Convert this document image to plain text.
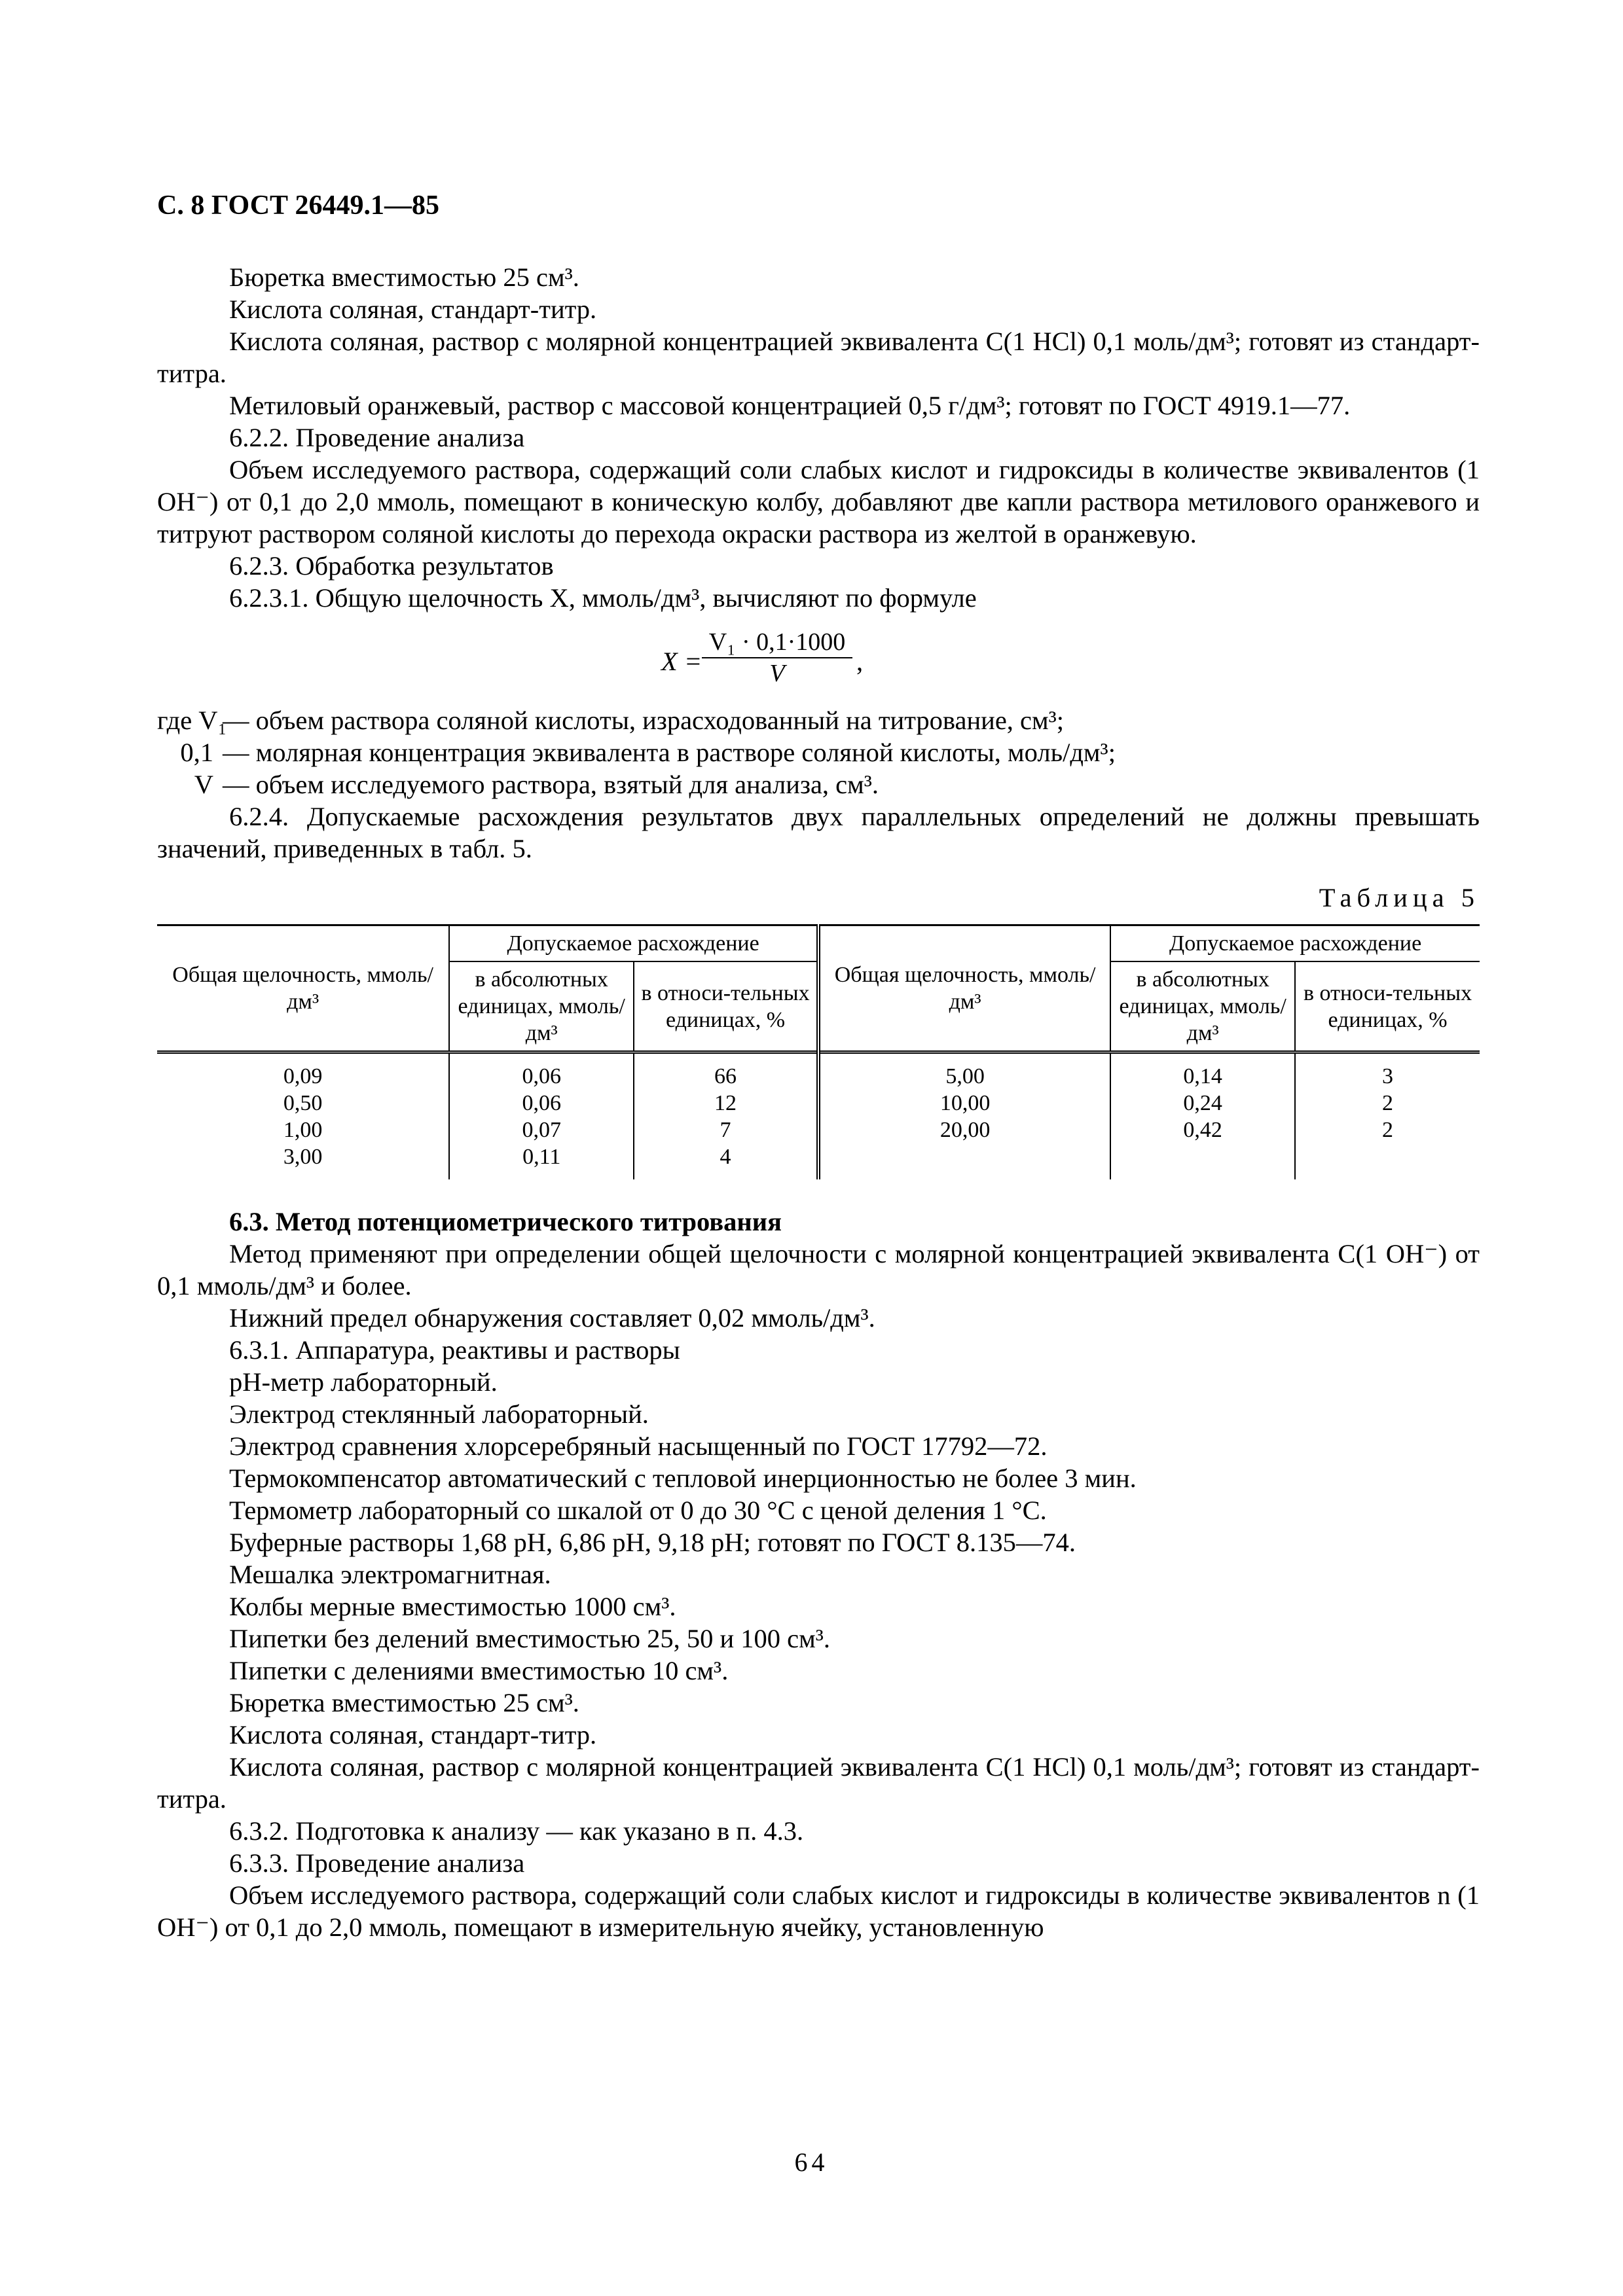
С. 8 ГОСТ 26449.1—85

Бюретка вместимостью 25 см³.

Кислота соляная, стандарт-титр.

Кислота соляная, раствор с молярной концентрацией эквивалента C(1 HCl) 0,1 моль/дм³; готовят из стандарт-титра.

Метиловый оранжевый, раствор с массовой концентрацией 0,5 г/дм³; готовят по ГОСТ 4919.1—77.

6.2.2. Проведение анализа

Объем исследуемого раствора, содержащий соли слабых кислот и гидроксиды в количестве эквивалентов (1 OH⁻) от 0,1 до 2,0 ммоль, помещают в коническую колбу, добавляют две капли раствора метилового оранжевого и титруют раствором соляной кислоты до перехода окраски раствора из желтой в оранжевую.

6.2.3. Обработка результатов

6.2.3.1. Общую щелочность X, ммоль/дм³, вычисляют по формуле

$X = \frac{\text{V₁ · 0,1·1000}}{V}$ ,
где V₁
— объем раствора соляной кислоты, израсходованный на титрование, см³;
0,1 — молярная концентрация эквивалента в растворе соляной кислоты, моль/дм³;
V — объем исследуемого раствора, взятый для анализа, см³.

6.2.4. Допускаемые расхождения результатов двух параллельных определений не должны превышать значений, приведенных в табл. 5.

Таблица 5
Общая щелочность, ммоль/дм³	Допускаемое расхождение		Общая щелочность, ммоль/дм³	Допускаемое расхождение	
	в абсолютных единицах, ммоль/дм³	в относи-тельных единицах, %		в абсолютных единицах, ммоль/дм³	в относи-тельных единицах, %
0,09	0,06	66	5,00	0,14	3
0,50	0,06	12	10,00	0,24	2
1,00	0,07	7	20,00	0,42	2
3,00	0,11	4			

6.3. Метод потенциометрического титрования

Метод применяют при определении общей щелочности с молярной концентрацией эквивалента C(1 OH⁻) от 0,1 ммоль/дм³ и более.

Нижний предел обнаружения составляет 0,02 ммоль/дм³.

6.3.1. Аппаратура, реактивы и растворы

pH-метр лабораторный.

Электрод стеклянный лабораторный.

Электрод сравнения хлорсеребряный насыщенный по ГОСТ 17792—72.

Термокомпенсатор автоматический с тепловой инерционностью не более 3 мин.

Термометр лабораторный со шкалой от 0 до 30 °C с ценой деления 1 °C.

Буферные растворы 1,68 pH, 6,86 pH, 9,18 pH; готовят по ГОСТ 8.135—74.

Мешалка электромагнитная.

Колбы мерные вместимостью 1000 см³.

Пипетки без делений вместимостью 25, 50 и 100 см³.

Пипетки с делениями вместимостью 10 см³.

Бюретка вместимостью 25 см³.

Кислота соляная, стандарт-титр.

Кислота соляная, раствор с молярной концентрацией эквивалента C(1 HCl) 0,1 моль/дм³; готовят из стандарт-титра.

6.3.2. Подготовка к анализу — как указано в п. 4.3.

6.3.3. Проведение анализа

Объем исследуемого раствора, содержащий соли слабых кислот и гидроксиды в количестве эквивалентов n (1 OH⁻) от 0,1 до 2,0 ммоль, помещают в измерительную ячейку, установленную

64
